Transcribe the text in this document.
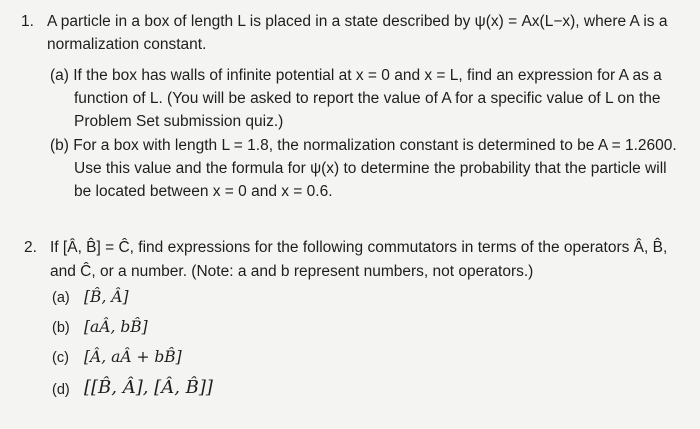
1. A particle in a box of length L is placed in a state described by ψ(x) = Ax(L−x), where A is a
normalization constant.
(a) If the box has walls of infinite potential at x = 0 and x = L, find an expression for A as a
function of L. (You will be asked to report the value of A for a specific value of L on the
Problem Set submission quiz.)
(b) For a box with length L = 1.8, the normalization constant is determined to be A = 1.2600.
Use this value and the formula for ψ(x) to determine the probability that the particle will
be located between x = 0 and x = 0.6.
2. If [Â, B̂] = Ĉ, find expressions for the following commutators in terms of the operators Â, B̂,
and Ĉ, or a number. (Note: a and b represent numbers, not operators.)
(a) [B̂, Â]
(b) [aÂ, bB̂]
(c) [Â, aÂ + bB̂]
(d) [[B̂, Â], [Â, B̂]]
